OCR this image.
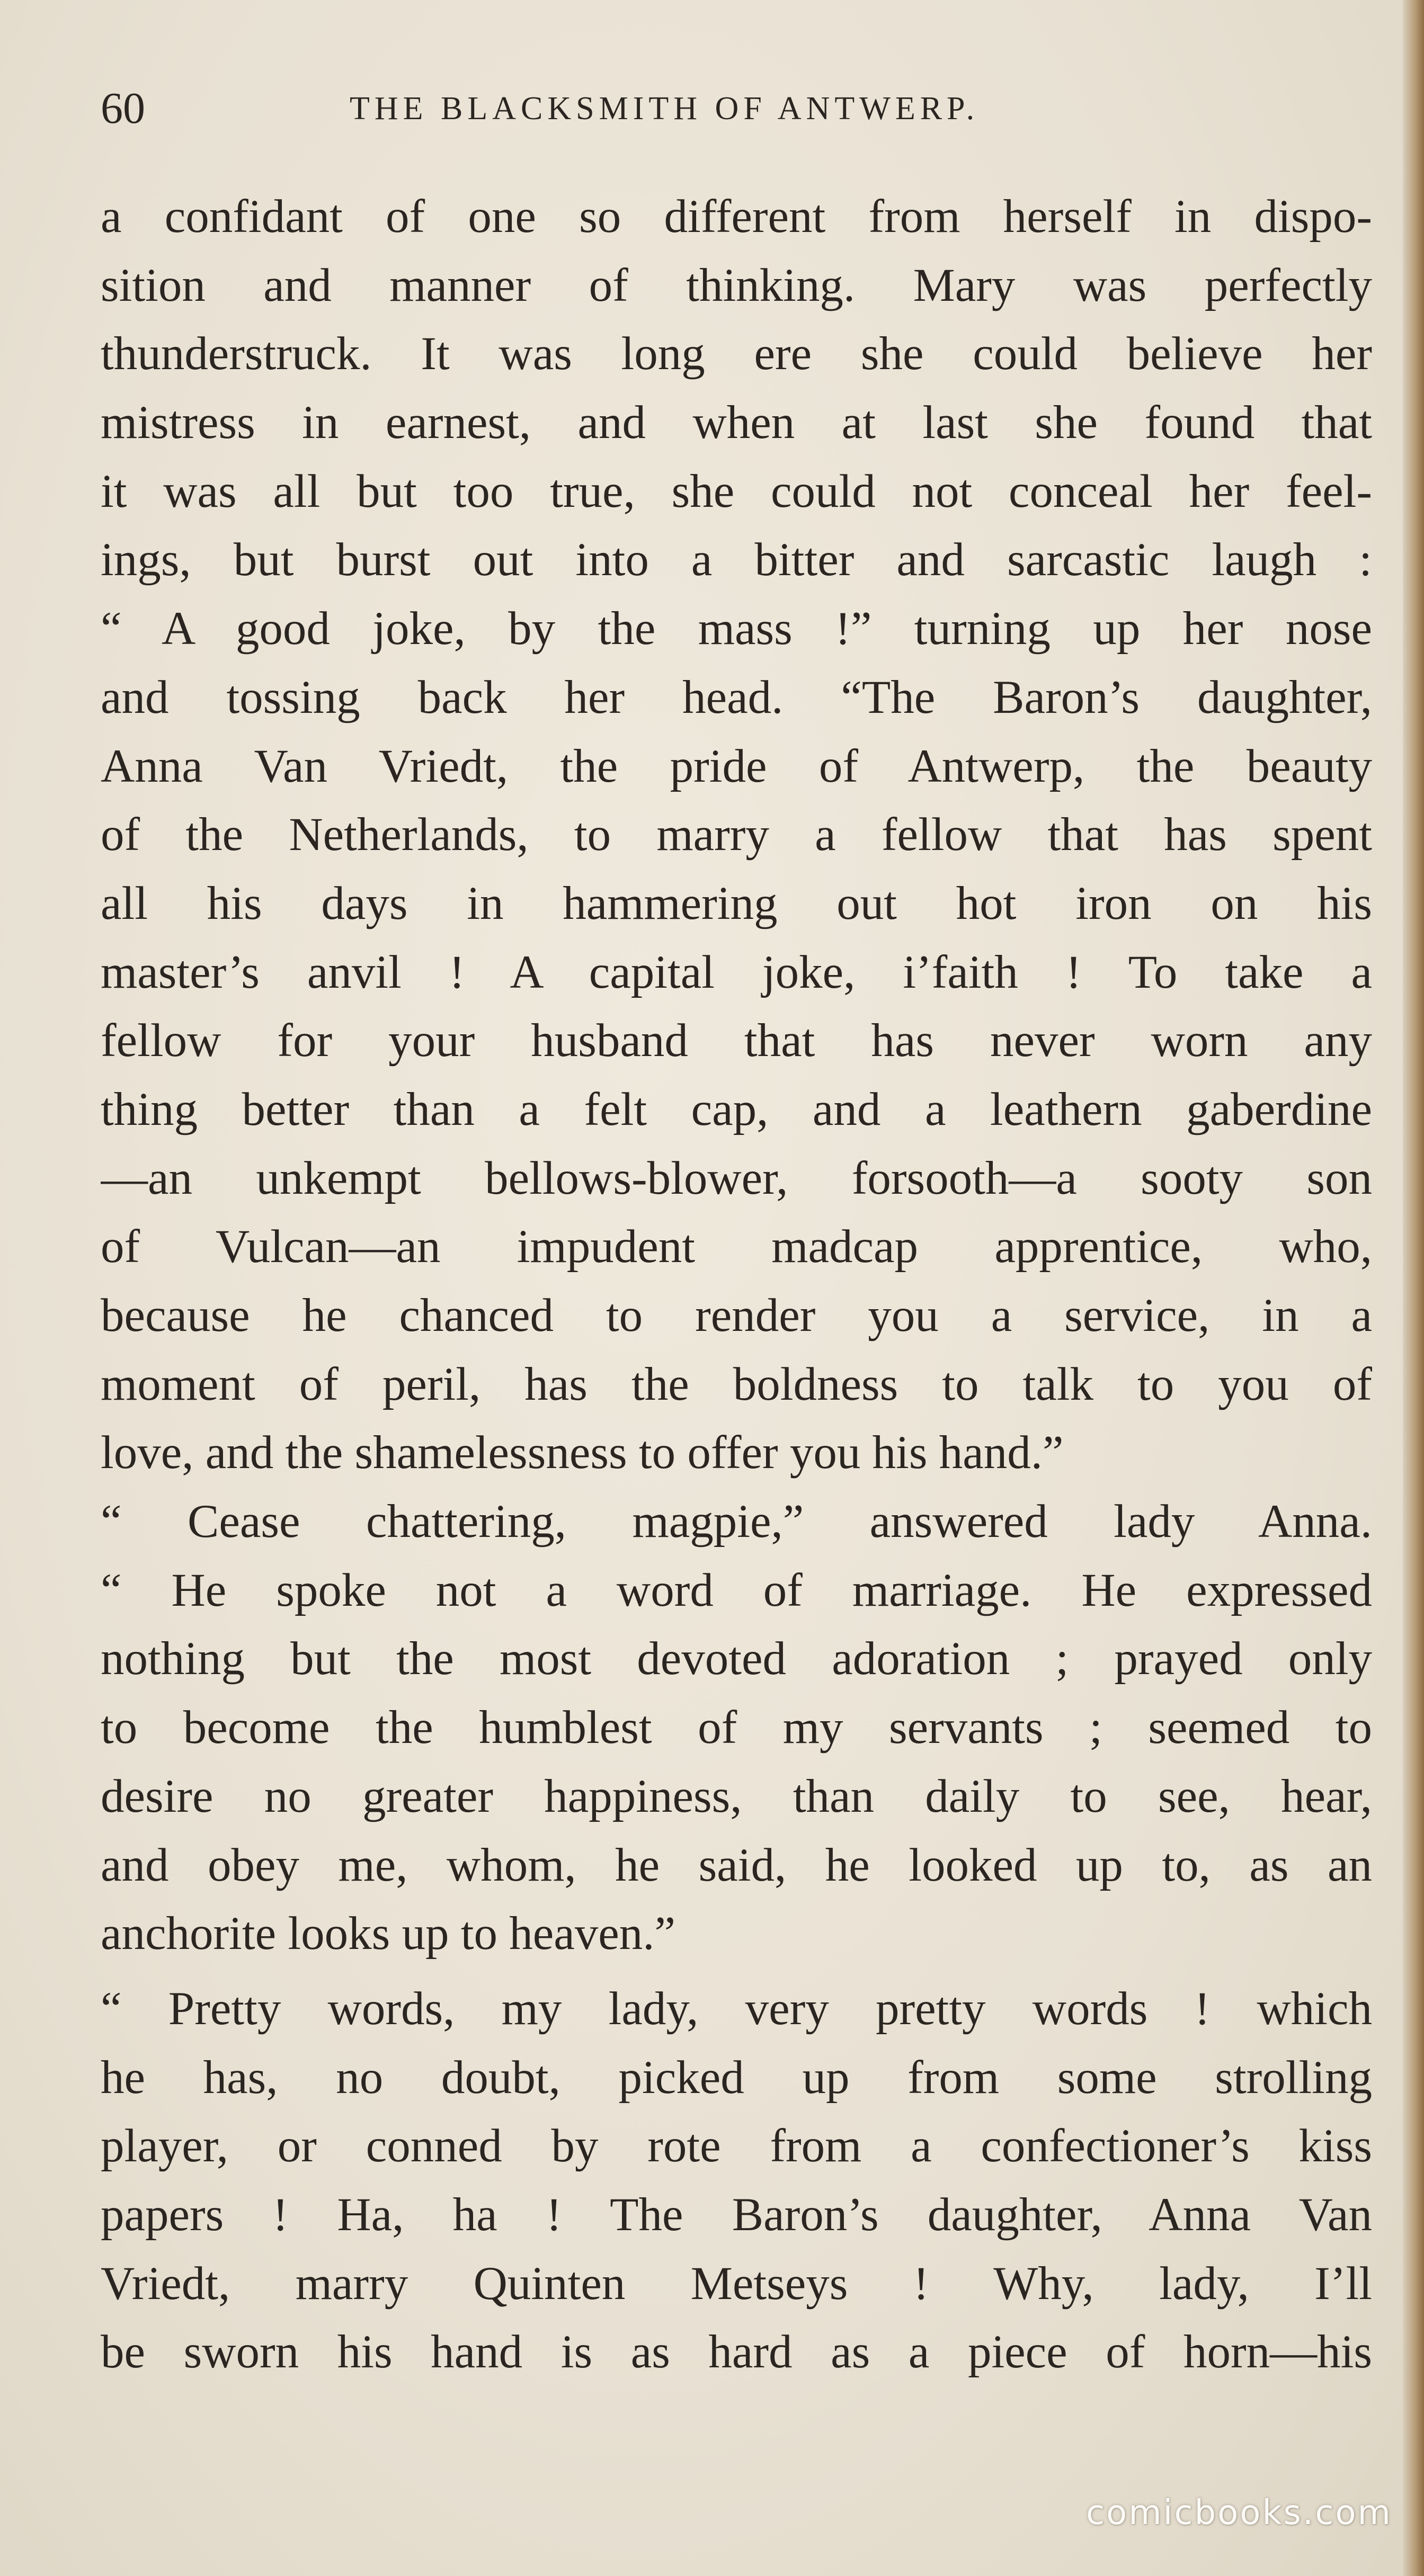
60	THE BLACKSMITH OF ANTWERP.
a confidant of one so different from herself in dispo-
sition and manner of thinking. Mary was perfectly
thunderstruck. It was long ere she could believe her
mistress in earnest, and when at last she found that
it was all but too true, she could not conceal her feel-
ings, but burst out into a bitter and sarcastic laugh :
“ A good joke, by the mass !” turning up her nose
and tossing back her head. “The Baron’s daughter,
Anna Van Vriedt, the pride of Antwerp, the beauty
of the Netherlands, to marry a fellow that has spent
all his days in hammering out hot iron on his
master’s anvil ! A capital joke, i’faith ! To take a
fellow for your husband that has never worn any
thing better than a felt cap, and a leathern gaberdine
—an unkempt bellows-blower, forsooth—a sooty son
of Vulcan—an impudent madcap apprentice, who,
because he chanced to render you a service, in a
moment of peril, has the boldness to talk to you of
love, and the shamelessness to offer you his hand.”
“ Cease chattering, magpie,” answered lady Anna.
“ He spoke not a word of marriage. He expressed
nothing but the most devoted adoration ; prayed only
to become the humblest of my servants ; seemed to
desire no greater happiness, than daily to see, hear,
and obey me, whom, he said, he looked up to, as an
anchorite looks up to heaven.”
“ Pretty words, my lady, very pretty words ! which
he has, no doubt, picked up from some strolling
player, or conned by rote from a confectioner’s kiss
papers ! Ha, ha ! The Baron’s daughter, Anna Van
Vriedt, marry Quinten Metseys ! Why, lady, I’ll
be sworn his hand is as hard as a piece of horn—his
comicbooks.com
